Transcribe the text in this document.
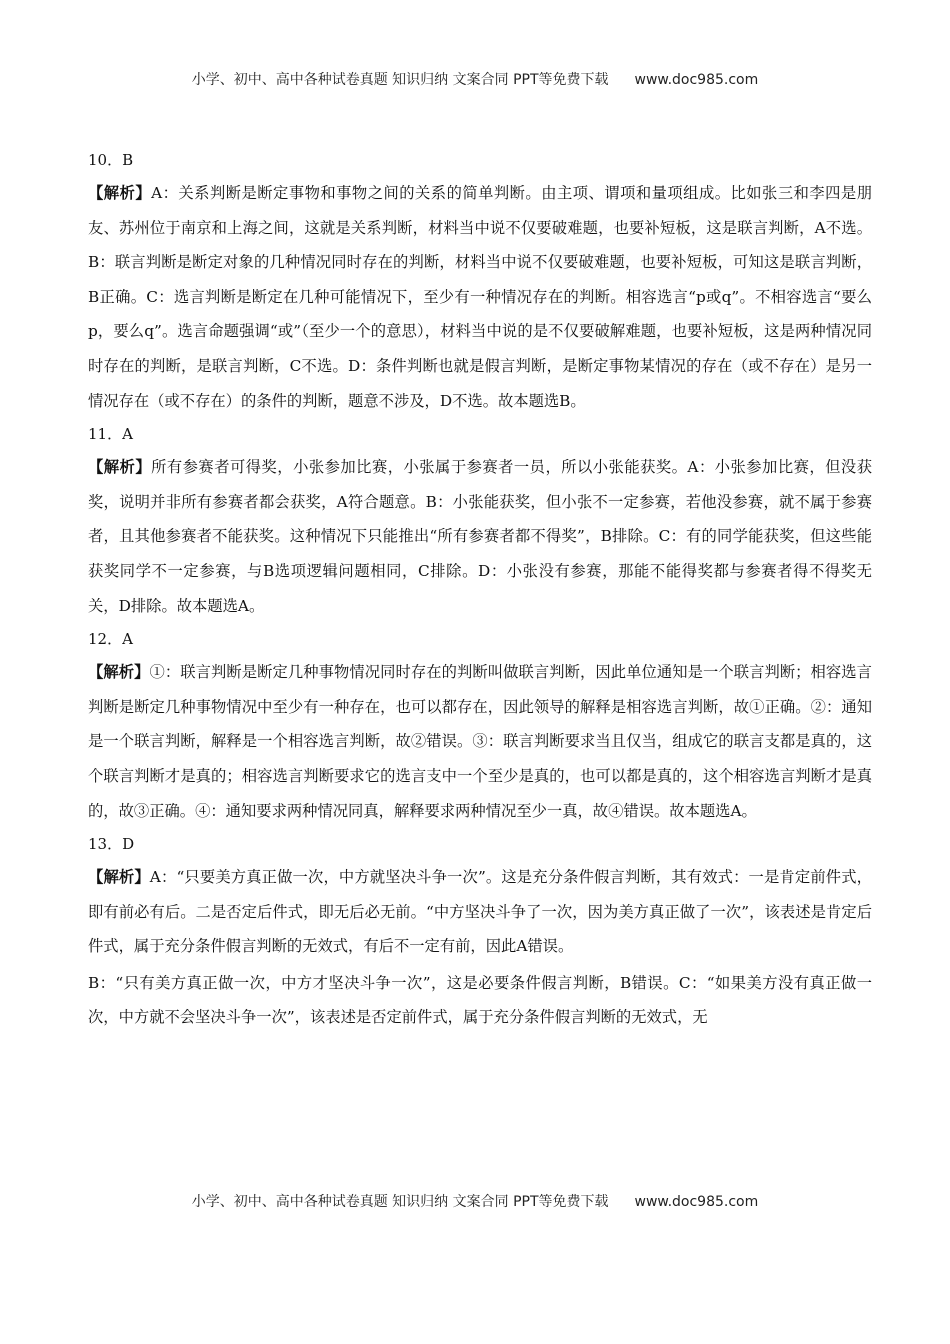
小学、初中、高中各种试卷真题 知识归纳 文案合同 PPT等免费下载 www.doc985.com
10．B

【解析】A：关系判断是断定事物和事物之间的关系的简单判断。由主项、谓项和量项组成。比如张三和李四是朋友、苏州位于南京和上海之间，这就是关系判断，材料当中说不仅要破难题，也要补短板，这是联言判断，A不选。B：联言判断是断定对象的几种情况同时存在的判断，材料当中说不仅要破难题，也要补短板，可知这是联言判断，B正确。C：选言判断是断定在几种可能情况下，至少有一种情况存在的判断。相容选言“p或q”。不相容选言“要么p，要么q”。选言命题强调“或”（至少一个的意思），材料当中说的是不仅要破解难题，也要补短板，这是两种情况同时存在的判断，是联言判断，C不选。D：条件判断也就是假言判断，是断定事物某情况的存在（或不存在）是另一情况存在（或不存在）的条件的判断，题意不涉及，D不选。故本题选B。

11．A

【解析】所有参赛者可得奖，小张参加比赛，小张属于参赛者一员，所以小张能获奖。A：小张参加比赛，但没获奖，说明并非所有参赛者都会获奖，A符合题意。B：小张能获奖，但小张不一定参赛，若他没参赛，就不属于参赛者，且其他参赛者不能获奖。这种情况下只能推出“所有参赛者都不得奖”，B排除。C：有的同学能获奖，但这些能获奖同学不一定参赛，与B选项逻辑问题相同，C排除。D：小张没有参赛，那能不能得奖都与参赛者得不得奖无关，D排除。故本题选A。

12．A

【解析】①：联言判断是断定几种事物情况同时存在的判断叫做联言判断，因此单位通知是一个联言判断；相容选言判断是断定几种事物情况中至少有一种存在，也可以都存在，因此领导的解释是相容选言判断，故①正确。②：通知是一个联言判断，解释是一个相容选言判断，故②错误。③：联言判断要求当且仅当，组成它的联言支都是真的，这个联言判断才是真的；相容选言判断要求它的选言支中一个至少是真的，也可以都是真的，这个相容选言判断才是真的，故③正确。④：通知要求两种情况同真，解释要求两种情况至少一真，故④错误。故本题选A。

13．D

【解析】A：“只要美方真正做一次，中方就坚决斗争一次”。这是充分条件假言判断，其有效式：一是肯定前件式，即有前必有后。二是否定后件式，即无后必无前。“中方坚决斗争了一次，因为美方真正做了一次”，该表述是肯定后件式，属于充分条件假言判断的无效式，有后不一定有前，因此A错误。

B：“只有美方真正做一次，中方才坚决斗争一次”，这是必要条件假言判断，B错误。C：“如果美方没有真正做一次，中方就不会坚决斗争一次”，该表述是否定前件式，属于充分条件假言判断的无效式，无

小学、初中、高中各种试卷真题 知识归纳 文案合同 PPT等免费下载 www.doc985.com
